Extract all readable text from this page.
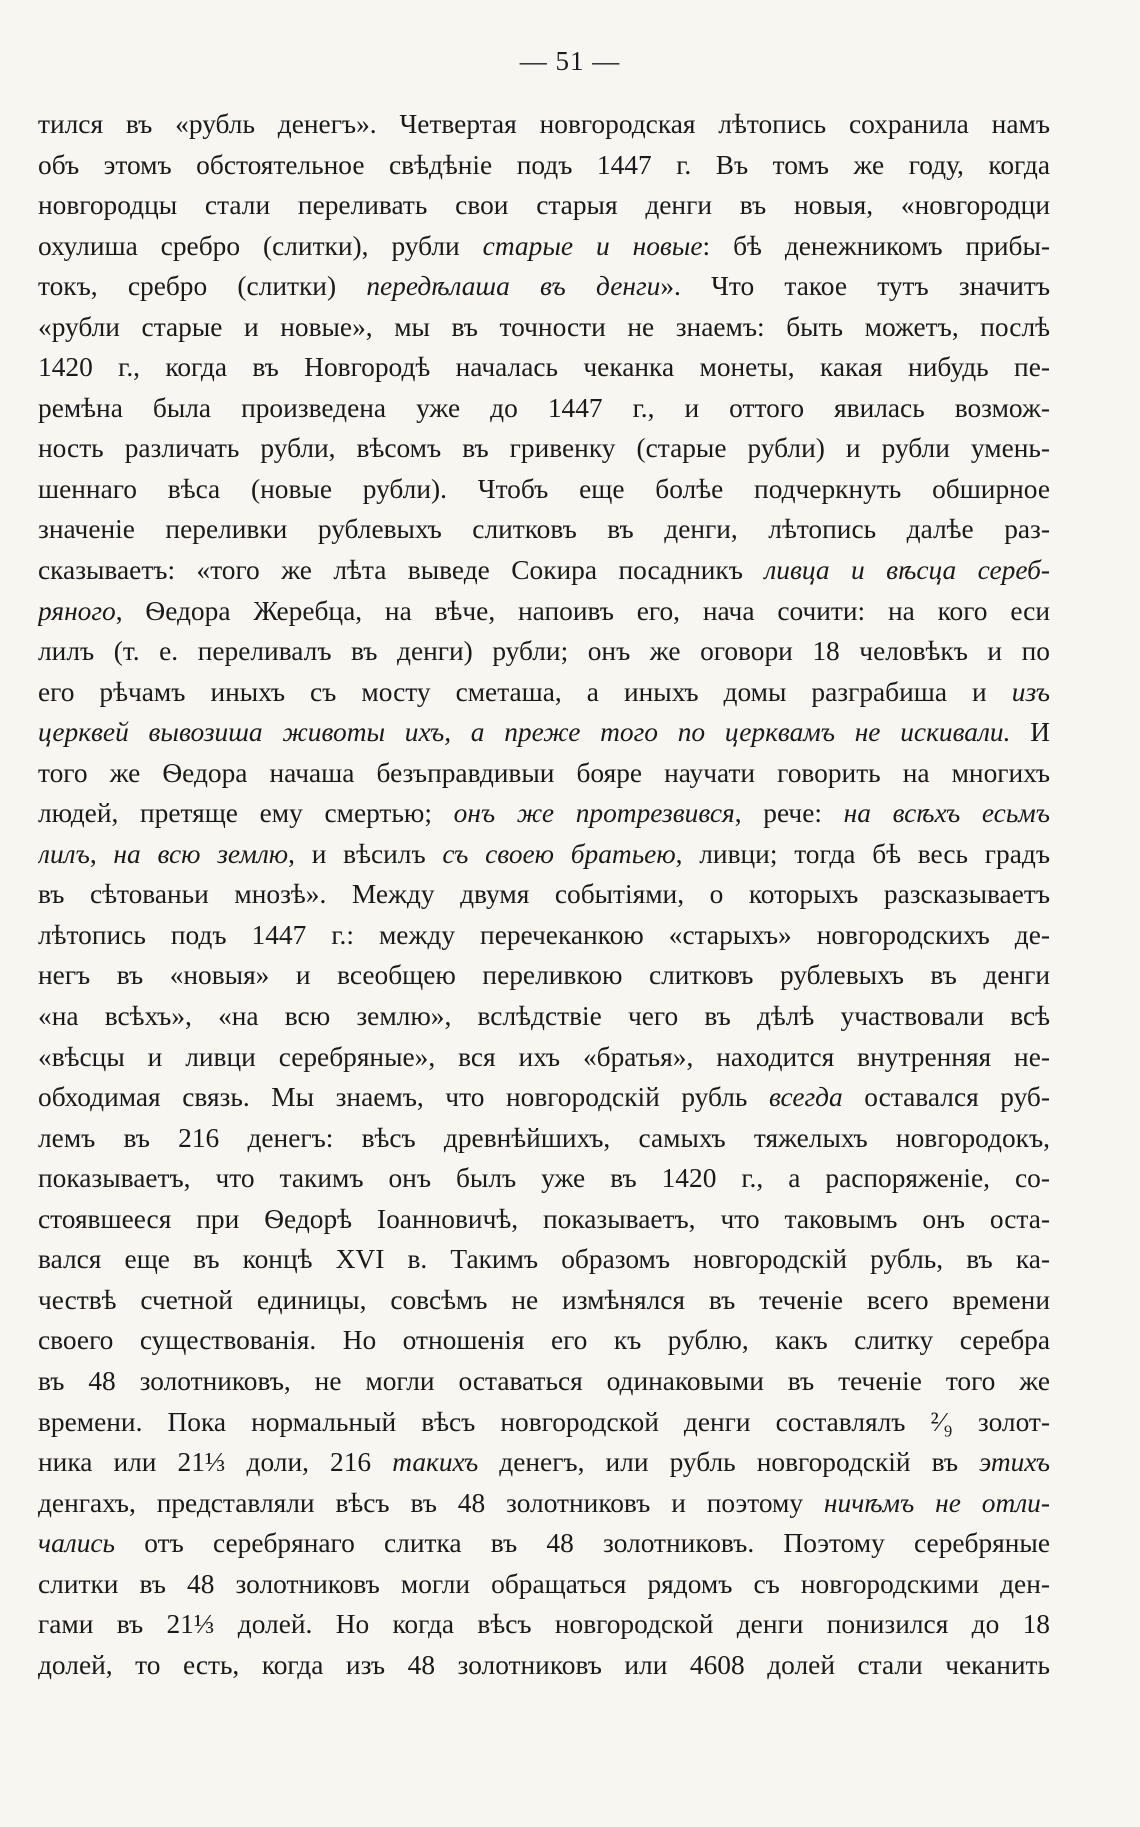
— 51 —
тился въ «рубль денегъ». Четвертая новгородская лѣтопись сохранила намъ
объ этомъ обстоятельное свѣдѣніе подъ 1447 г. Въ томъ же году, когда
новгородцы стали переливать свои старыя денги въ новыя, «новгородци
охулиша сребро (слитки), рубли старые и новые: бѣ денежникомъ прибы-
токъ, сребро (слитки) передѣлаша въ денги». Что такое тутъ значитъ
«рубли старые и новые», мы въ точности не знаемъ: быть можетъ, послѣ
1420 г., когда въ Новгородѣ началась чеканка монеты, какая нибудь пе-
ремѣна была произведена уже до 1447 г., и оттого явилась возмож-
ность различать рубли, вѣсомъ въ гривенку (старые рубли) и рубли умень-
шеннаго вѣса (новые рубли). Чтобъ еще болѣе подчеркнуть обширное
значеніе переливки рублевыхъ слитковъ въ денги, лѣтопись далѣе раз-
сказываетъ: «того же лѣта выведе Сокира посадникъ ливца и вѣсца сереб-
ряного, Ѳедора Жеребца, на вѣче, напоивъ его, нача сочити: на кого еси
лилъ (т. е. переливалъ въ денги) рубли; онъ же оговори 18 человѣкъ и по
его рѣчамъ иныхъ съ мосту сметаша, а иныхъ домы разграбиша и изъ
церквей вывозиша животы ихъ, а преже того по церквамъ не искивали. И
того же Ѳедора начаша безъправдивыи бояре научати говорить на многихъ
людей, претяще ему смертью; онъ же протрезвився, рече: на всѣхъ есьмъ
лилъ, на всю землю, и вѣсилъ съ своею братьею, ливци; тогда бѣ весь градъ
въ сѣтованьи мнозѣ». Между двумя событіями, о которыхъ разсказываетъ
лѣтопись подъ 1447 г.: между перечеканкою «старыхъ» новгородскихъ де-
негъ въ «новыя» и всеобщею переливкою слитковъ рублевыхъ въ денги
«на всѣхъ», «на всю землю», вслѣдствіе чего въ дѣлѣ участвовали всѣ
«вѣсцы и ливци серебряные», вся ихъ «братья», находится внутренняя не-
обходимая связь. Мы знаемъ, что новгородскій рубль всегда оставался руб-
лемъ въ 216 денегъ: вѣсъ древнѣйшихъ, самыхъ тяжелыхъ новгородокъ,
показываетъ, что такимъ онъ былъ уже въ 1420 г., а распоряженіе, со-
стоявшееся при Ѳедорѣ Іоанновичѣ, показываетъ, что таковымъ онъ оста-
вался еще въ концѣ XVI в. Такимъ образомъ новгородскій рубль, въ ка-
чествѣ счетной единицы, совсѣмъ не измѣнялся въ теченіе всего времени
своего существованія. Но отношенія его къ рублю, какъ слитку серебра
въ 48 золотниковъ, не могли оставаться одинаковыми въ теченіе того же
времени. Пока нормальный вѣсъ новгородской денги составлялъ ²⁄₉ золот-
ника или 21⅓ доли, 216 такихъ денегъ, или рубль новгородскій въ этихъ
денгахъ, представляли вѣсъ въ 48 золотниковъ и поэтому ничѣмъ не отли-
чались отъ серебрянаго слитка въ 48 золотниковъ. Поэтому серебряные
слитки въ 48 золотниковъ могли обращаться рядомъ съ новгородскими ден-
гами въ 21⅓ долей. Но когда вѣсъ новгородской денги понизился до 18
долей, то есть, когда изъ 48 золотниковъ или 4608 долей стали чеканить
